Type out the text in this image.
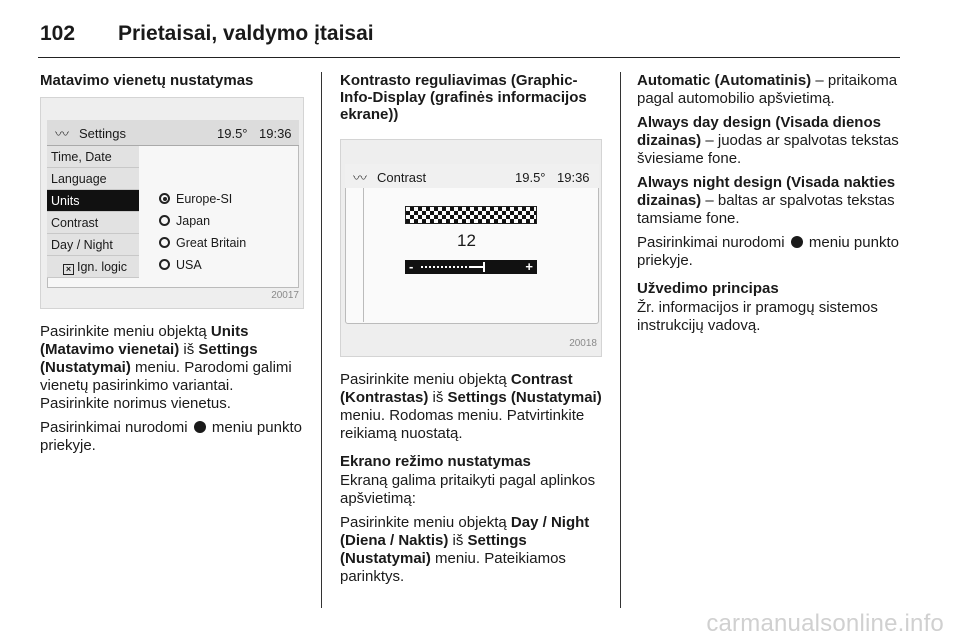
102 Prietaisai, valdymo įtaisai
Matavimo vienetų nustatymas
〰 Settings	19.5° 19:36
Time, Date
Language
Units
Contrast
Day / Night
× Ign. logic
Europe-SI
Japan
Great Britain
USA
20017

Pasirinkite meniu objektą Units (Matavimo vienetai) iš Settings (Nustatymai) meniu. Parodomi galimi vienetų pasirinkimo variantai. Pasirinkite norimus vienetus.

Pasirinkimai nurodomi  meniu punkto priekyje.

Kontrasto reguliavimas (Graphic-Info-Display (grafinės informacijos ekrane))
〰 Contrast	19.5° 19:36
12
-	+
20018

Pasirinkite meniu objektą Contrast (Kontrastas) iš Settings (Nustatymai) meniu. Rodomas meniu. Patvirtinkite reikiamą nuostatą.

Ekrano režimo nustatymas

Ekraną galima pritaikyti pagal aplinkos apšvietimą:

Pasirinkite meniu objektą Day / Night (Diena / Naktis) iš Settings (Nustatymai) meniu. Pateikiamos parinktys.

Automatic (Automatinis) – pritaikoma pagal automobilio apšvietimą.

Always day design (Visada dienos dizainas) – juodas ar spalvotas tekstas šviesiame fone.

Always night design (Visada nakties dizainas) – baltas ar spalvotas tekstas tamsiame fone.

Pasirinkimai nurodomi  meniu punkto priekyje.

Užvedimo principas

Žr. informacijos ir pramogų sistemos instrukcijų vadovą.

carmanualsonline.info
